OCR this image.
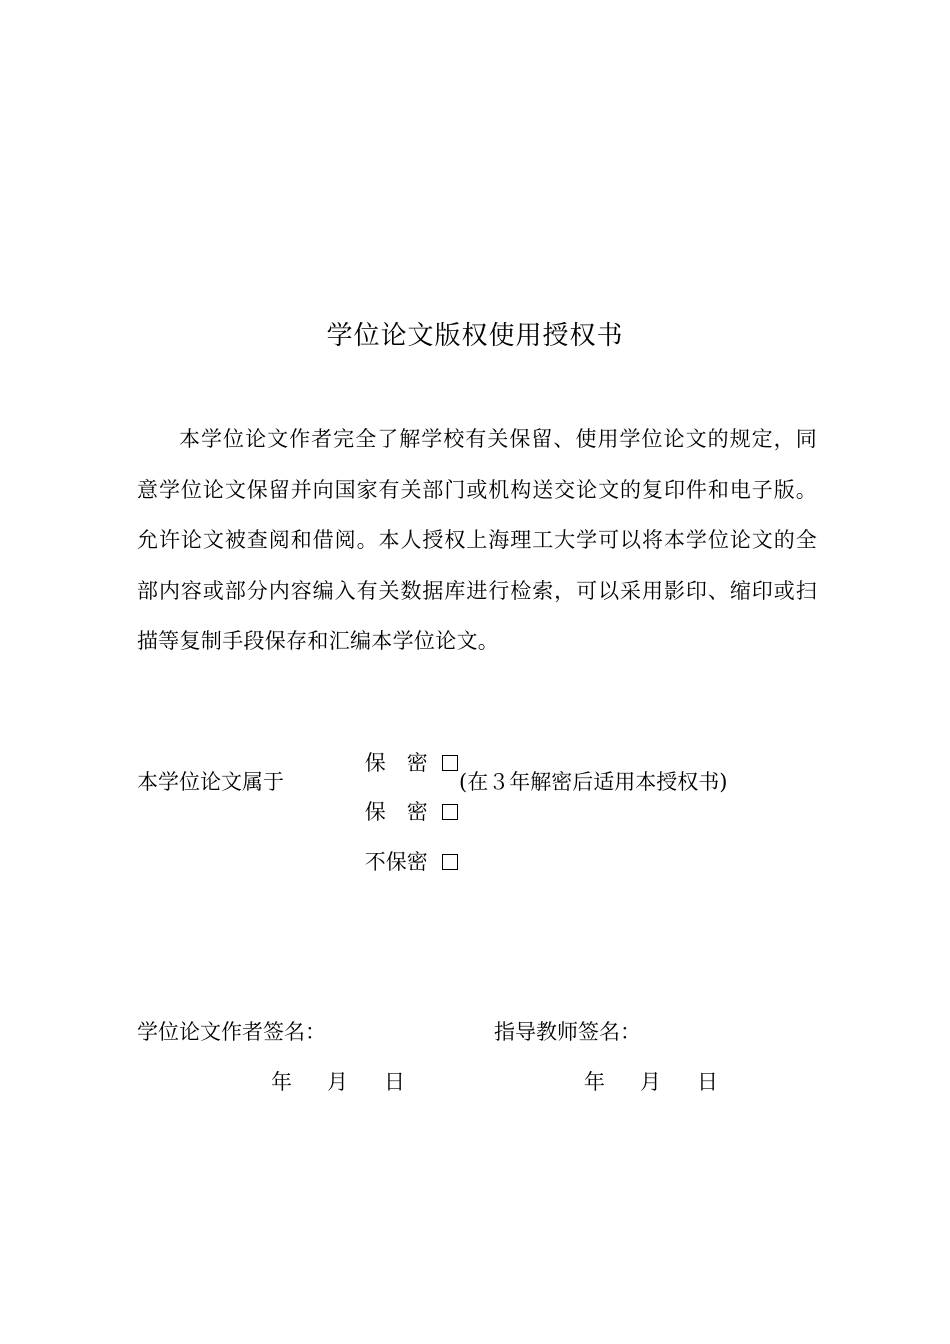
学位论文版权使用授权书
本学位论文作者完全了解学校有关保留、使用学位论文的规定，同意学位论文保留并向国家有关部门或机构送交论文的复印件和电子版。允许论文被查阅和借阅。本人授权上海理工大学可以将本学位论文的全部内容或部分内容编入有关数据库进行检索，可以采用影印、缩印或扫描等复制手段保存和汇编本学位论文。
本学位论文属于

保　密

保　密

(在３年解密后适用本授权书)

不保密

学位论文作者签名：	指导教师签名：
年 月 日	年 月 日
